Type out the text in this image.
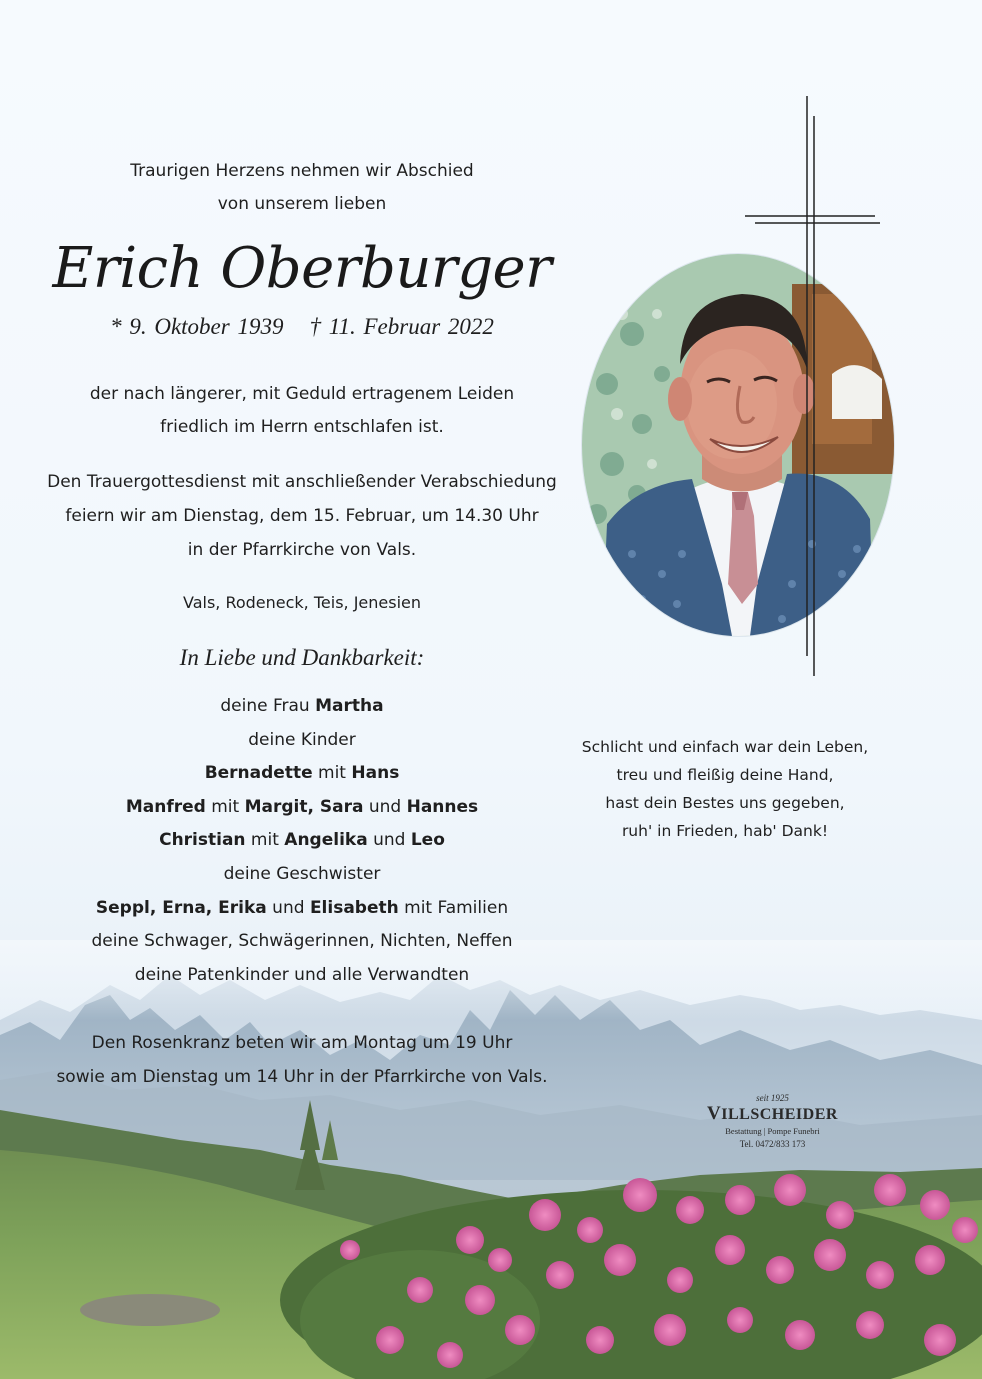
Traurigen Herzens nehmen wir Abschied
von unserem lieben
Erich Oberburger
* 9. Oktober 1939 † 11. Februar 2022
der nach längerer, mit Geduld ertragenem Leiden
friedlich im Herrn entschlafen ist.
Den Trauergottesdienst mit anschließender Verabschiedung
feiern wir am Dienstag, dem 15. Februar, um 14.30 Uhr
in der Pfarrkirche von Vals.
Vals, Rodeneck, Teis, Jenesien
In Liebe und Dankbarkeit:
deine Frau Martha
deine Kinder
Bernadette mit Hans
Manfred mit Margit, Sara und Hannes
Christian mit Angelika und Leo
deine Geschwister
Seppl, Erna, Erika und Elisabeth mit Familien
deine Schwager, Schwägerinnen, Nichten, Neffen
deine Patenkinder und alle Verwandten
Den Rosenkranz beten wir am Montag um 19 Uhr
sowie am Dienstag um 14 Uhr in der Pfarrkirche von Vals.
Schlicht und einfach war dein Leben,
treu und fleißig deine Hand,
hast dein Bestes uns gegeben,
ruh' in Frieden, hab' Dank!
seit 1925
VILLSCHEIDER
Bestattung | Pompe Funebri
Tel. 0472/833 173
